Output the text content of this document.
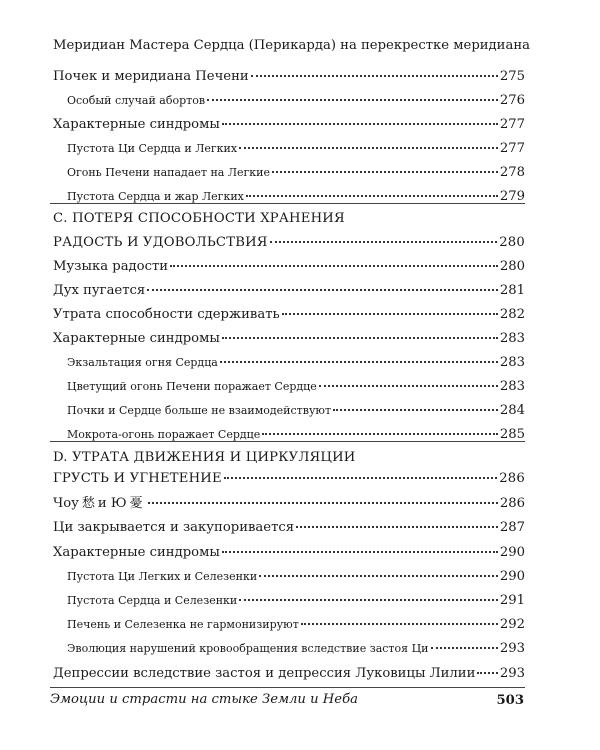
Меридиан Мастера Сердца (Перикарда) на перекрестке меридиана
Почек и меридиана Печени	275
Особый случай абортов	276
Характерные синдромы	277
Пустота Ци Сердца и Легких	277
Огонь Печени нападает на Легкие	278
Пустота Сердца и жар Легких	279
С. ПОТЕРЯ СПОСОБНОСТИ ХРАНЕНИЯ
РАДОСТЬ И УДОВОЛЬСТВИЯ	280
Музыка радости	280
Дух пугается	281
Утрата способности сдерживать	282
Характерные синдромы	283
Экзальтация огня Сердца	283
Цветущий огонь Печени поражает Сердце	283
Почки и Сердце больше не взаимодействуют	284
Мокрота-огонь поражает Сердце	285
D. УТРАТА ДВИЖЕНИЯ И ЦИРКУЛЯЦИИ
ГРУСТЬ И УГНЕТЕНИЕ	286
Чоу 愁 и Ю 憂	286
Ци закрывается и закупоривается	287
Характерные синдромы	290
Пустота Ци Легких и Селезенки	290
Пустота Сердца и Селезенки	291
Печень и Селезенка не гармонизируют	292
Эволюция нарушений кровообращения вследствие застоя Ци	293
Депрессии вследствие застоя и депрессия Луковицы Лилии 293
Эмоции и страсти на стыке Земли и Неба	503
